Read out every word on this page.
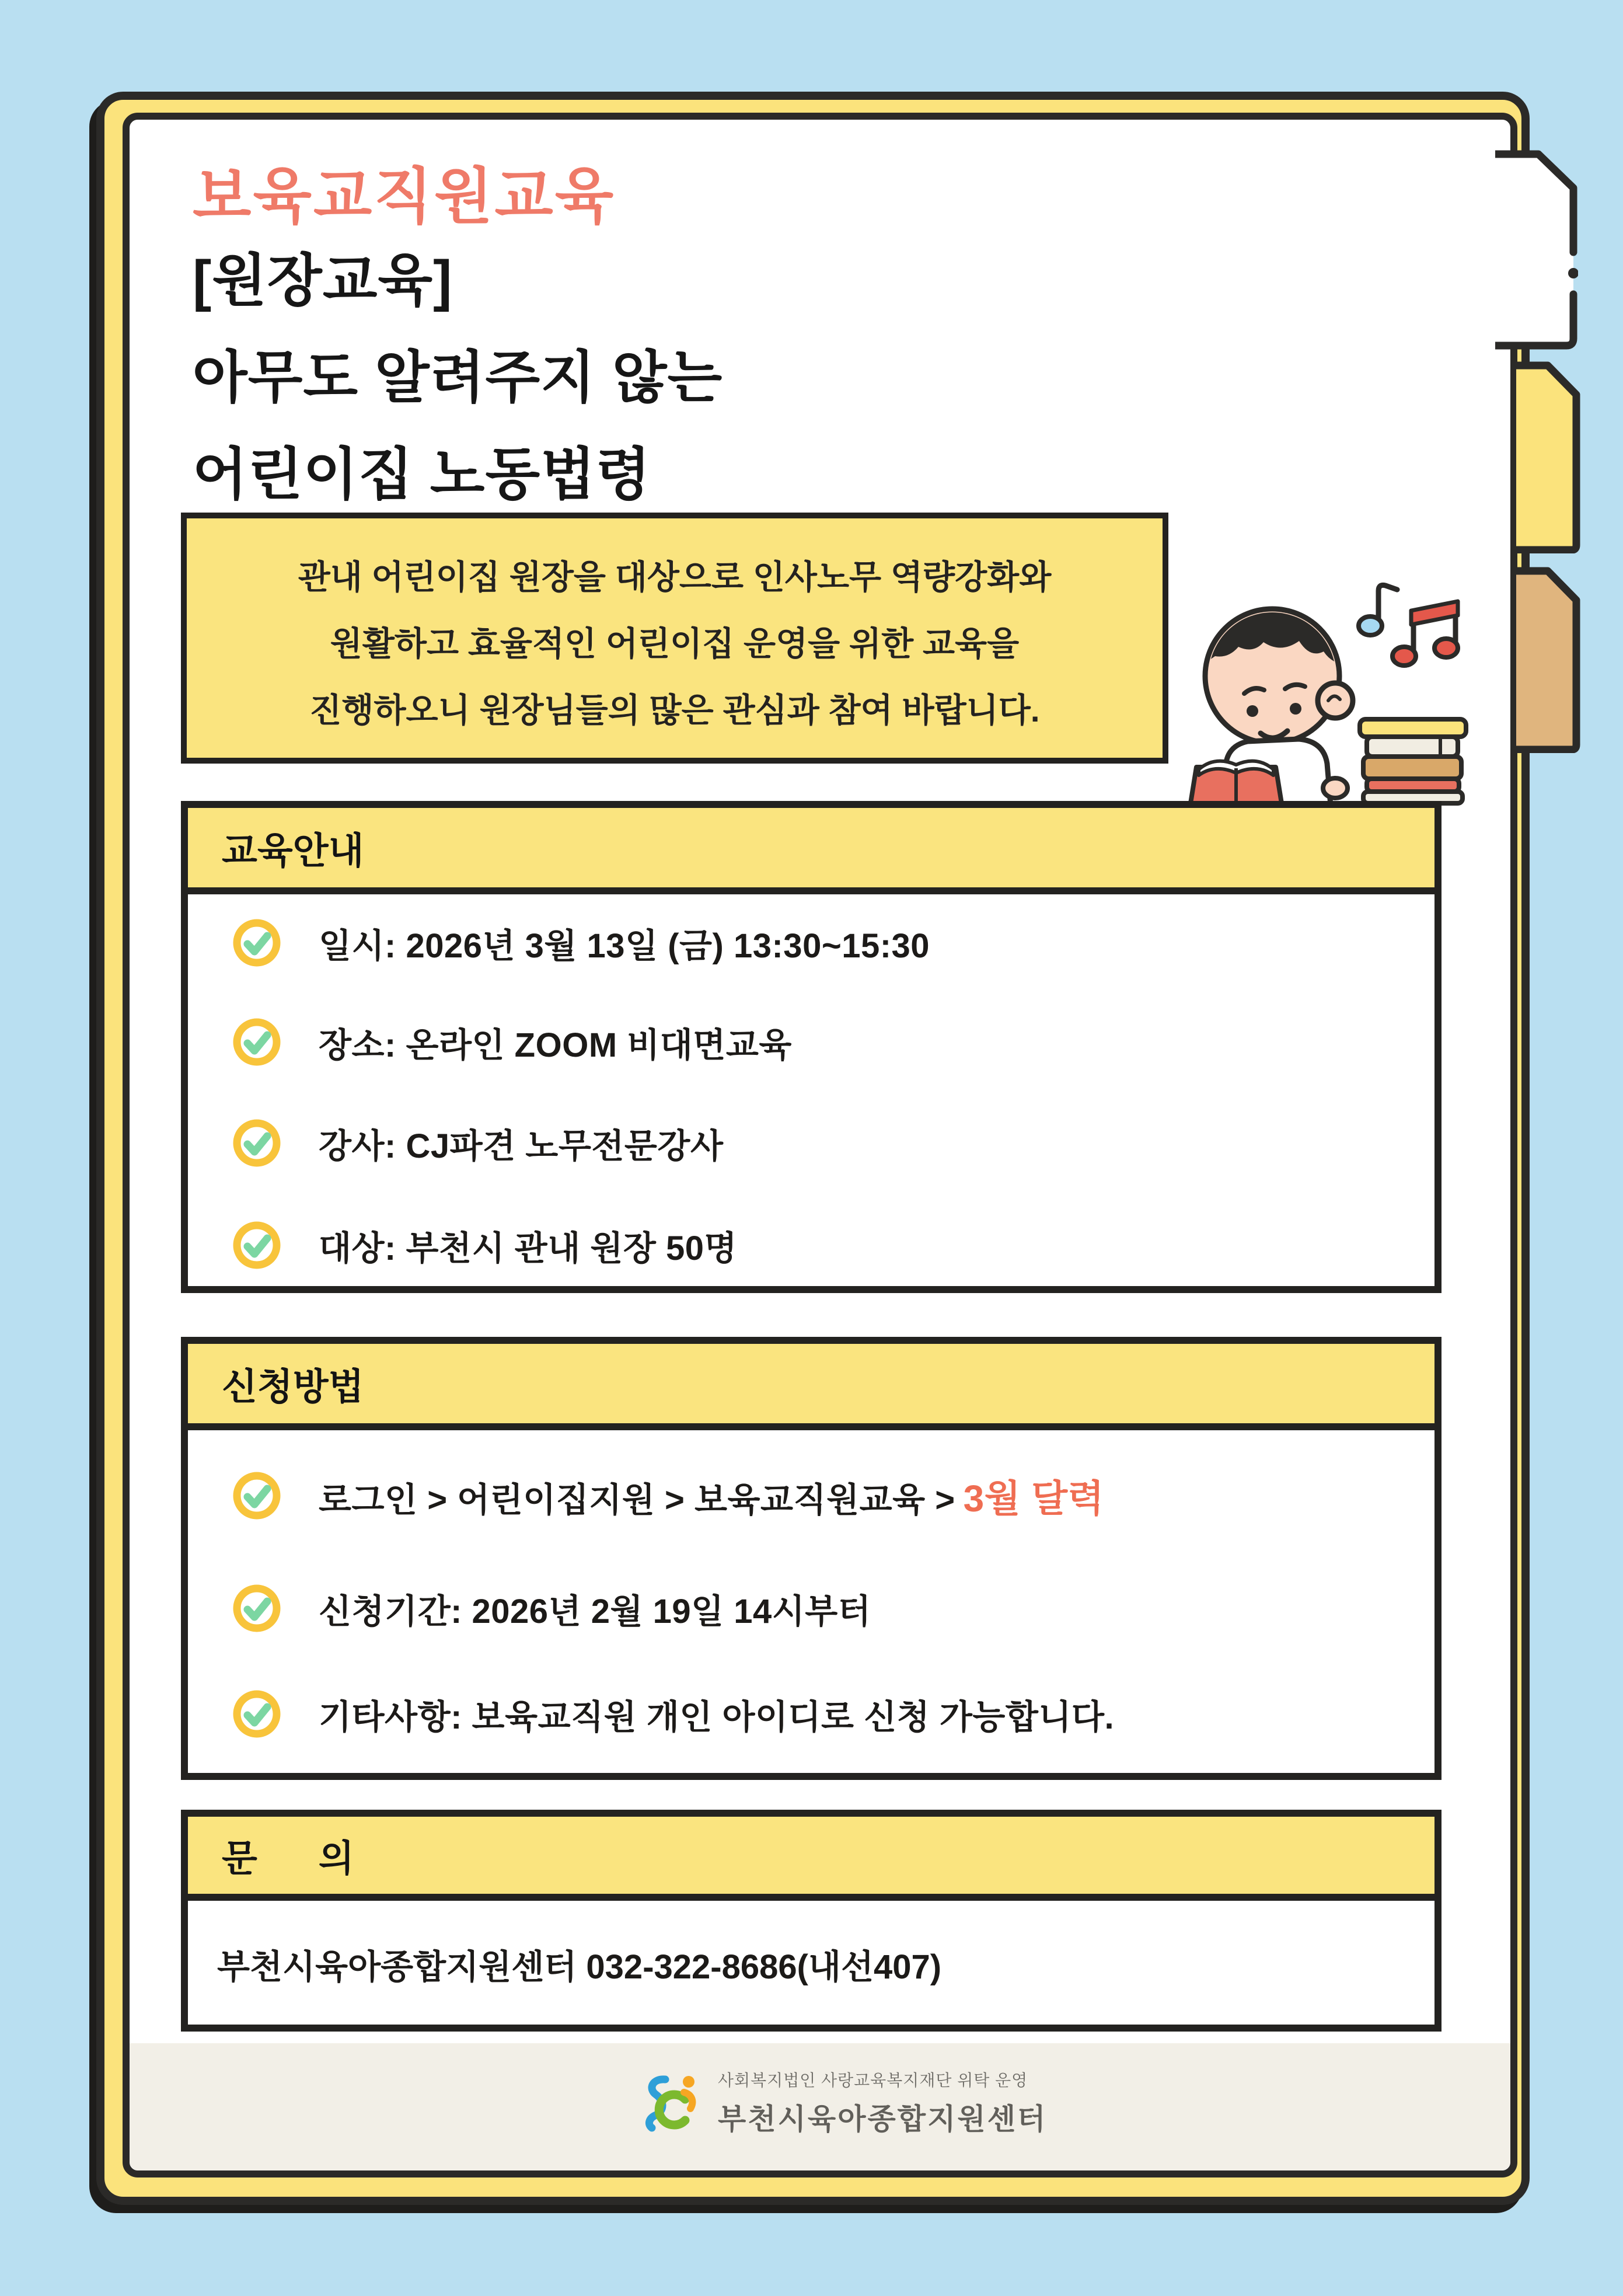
보육교직원교육
[원장교육]
아무도 알려주지 않는
어린이집 노동법령
관내 어린이집 원장을 대상으로 인사노무 역량강화와
원활하고 효율적인 어린이집 운영을 위한 교육을
진행하오니 원장님들의 많은 관심과 참여 바랍니다.
교육안내
일시: 2026년 3월 13일 (금) 13:30~15:30
장소: 온라인 ZOOM 비대면교육
강사: CJ파견 노무전문강사
대상: 부천시 관내 원장 50명
신청방법
로그인 > 어린이집지원 > 보육교직원교육 > 3월 달력
신청기간: 2026년 2월 19일 14시부터
기타사항: 보육교직원 개인 아이디로 신청 가능합니다.
문      의
부천시육아종합지원센터 032-322-8686(내선407)
사회복지법인 사랑교육복지재단 위탁 운영
부천시육아종합지원센터
